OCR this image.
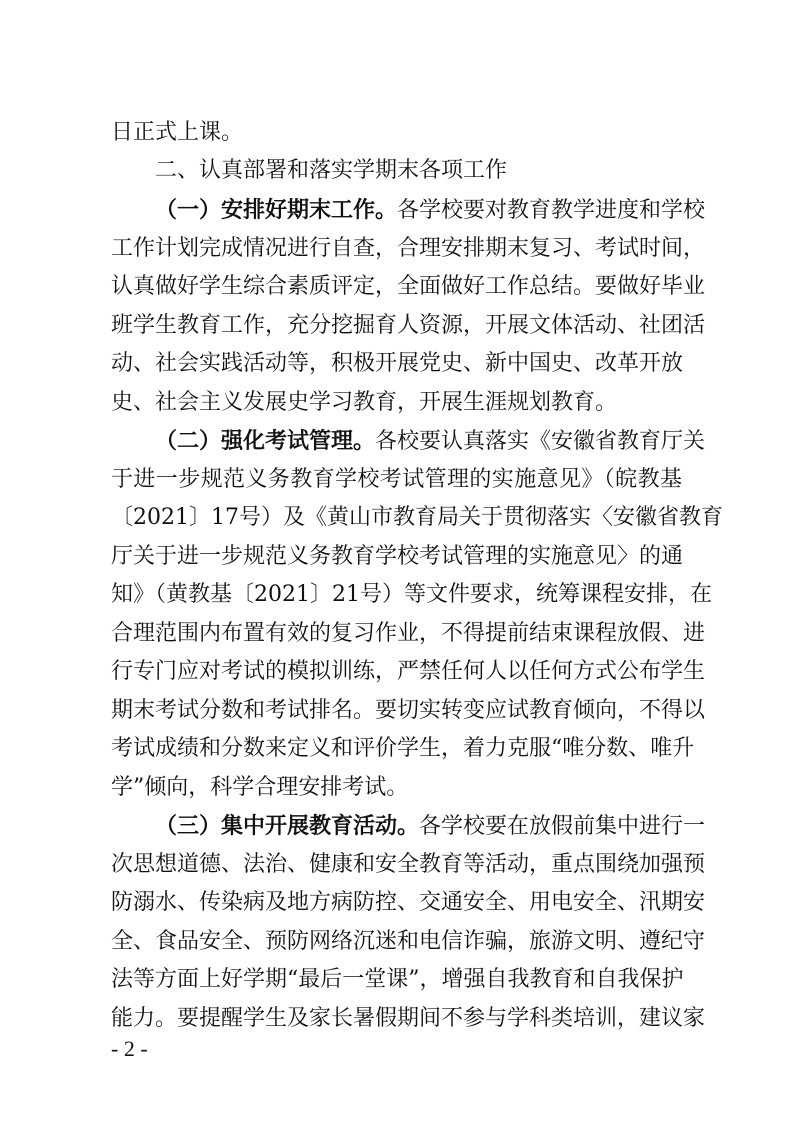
日正式上课。
二、认真部署和落实学期末各项工作
（一）安排好期末工作。各学校要对教育教学进度和学校
工作计划完成情况进行自查，合理安排期末复习、考试时间，
认真做好学生综合素质评定，全面做好工作总结。要做好毕业
班学生教育工作，充分挖掘育人资源，开展文体活动、社团活
动、社会实践活动等，积极开展党史、新中国史、改革开放
史、社会主义发展史学习教育，开展生涯规划教育。
（二）强化考试管理。各校要认真落实《安徽省教育厅关
于进一步规范义务教育学校考试管理的实施意见》（皖教基
〔2021〕17号）及《黄山市教育局关于贯彻落实〈安徽省教育
厅关于进一步规范义务教育学校考试管理的实施意见〉的通
知》（黄教基〔2021〕21号）等文件要求，统筹课程安排，在
合理范围内布置有效的复习作业，不得提前结束课程放假、进
行专门应对考试的模拟训练，严禁任何人以任何方式公布学生
期末考试分数和考试排名。要切实转变应试教育倾向，不得以
考试成绩和分数来定义和评价学生，着力克服“唯分数、唯升
学”倾向，科学合理安排考试。
（三）集中开展教育活动。各学校要在放假前集中进行一
次思想道德、法治、健康和安全教育等活动，重点围绕加强预
防溺水、传染病及地方病防控、交通安全、用电安全、汛期安
全、食品安全、预防网络沉迷和电信诈骗，旅游文明、遵纪守
法等方面上好学期“最后一堂课”，增强自我教育和自我保护
能力。要提醒学生及家长暑假期间不参与学科类培训，建议家
- 2 -
